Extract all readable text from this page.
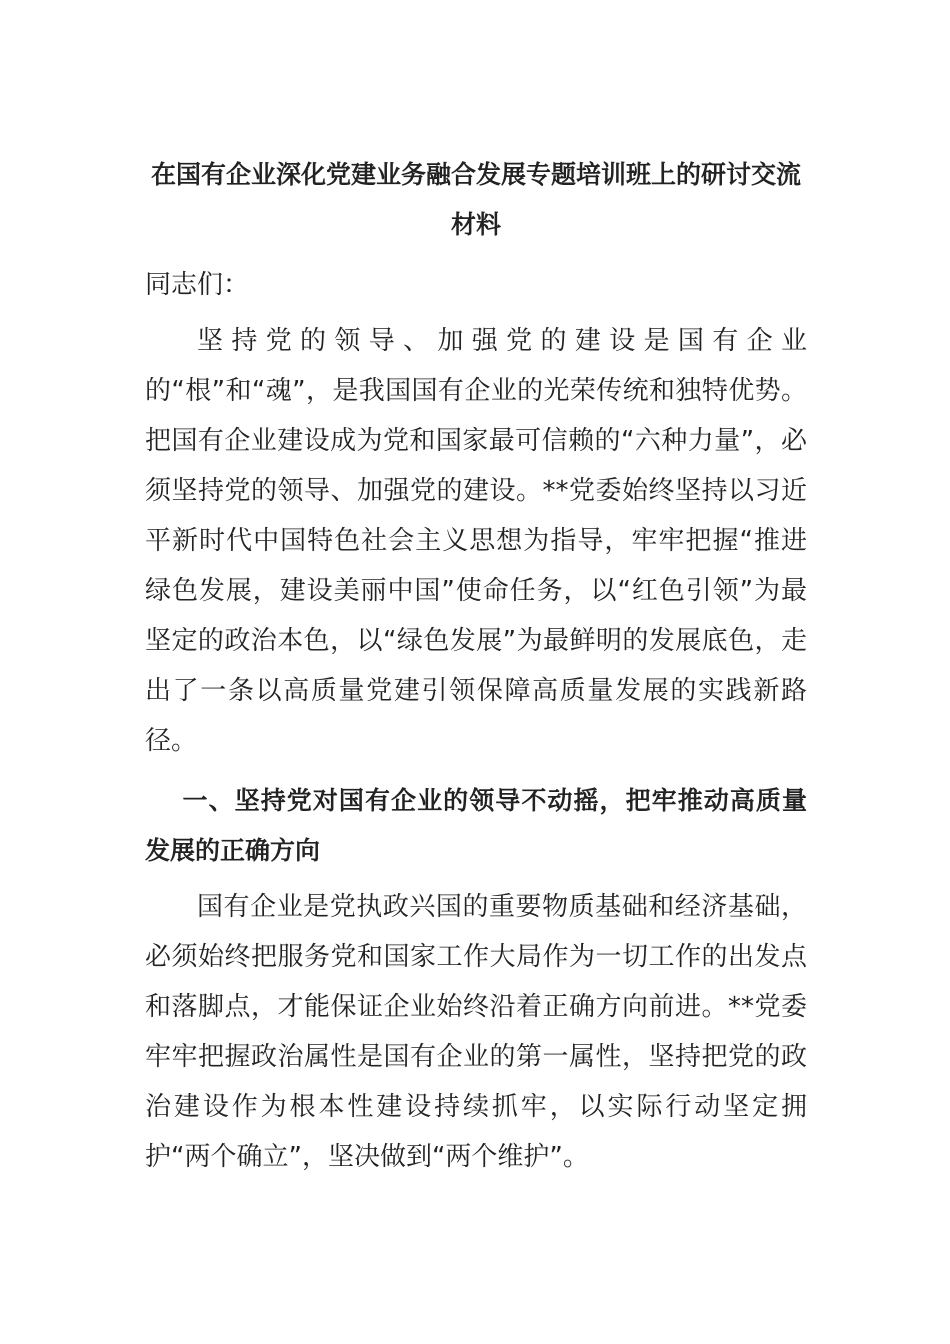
在国有企业深化党建业务融合发展专题培训班上的研讨交流材料

同志们：

坚持党的领导、加强党的建设是国有企业的“根”和“魂”，是我国国有企业的光荣传统和独特优势。把国有企业建设成为党和国家最可信赖的“六种力量”，必须坚持党的领导、加强党的建设。**党委始终坚持以习近平新时代中国特色社会主义思想为指导，牢牢把握“推进绿色发展，建设美丽中国”使命任务，以“红色引领”为最坚定的政治本色，以“绿色发展”为最鲜明的发展底色，走出了一条以高质量党建引领保障高质量发展的实践新路径。

一、坚持党对国有企业的领导不动摇，把牢推动高质量发展的正确方向

国有企业是党执政兴国的重要物质基础和经济基础，必须始终把服务党和国家工作大局作为一切工作的出发点和落脚点，才能保证企业始终沿着正确方向前进。**党委牢牢把握政治属性是国有企业的第一属性，坚持把党的政治建设作为根本性建设持续抓牢，以实际行动坚定拥护“两个确立”，坚决做到“两个维护”。
